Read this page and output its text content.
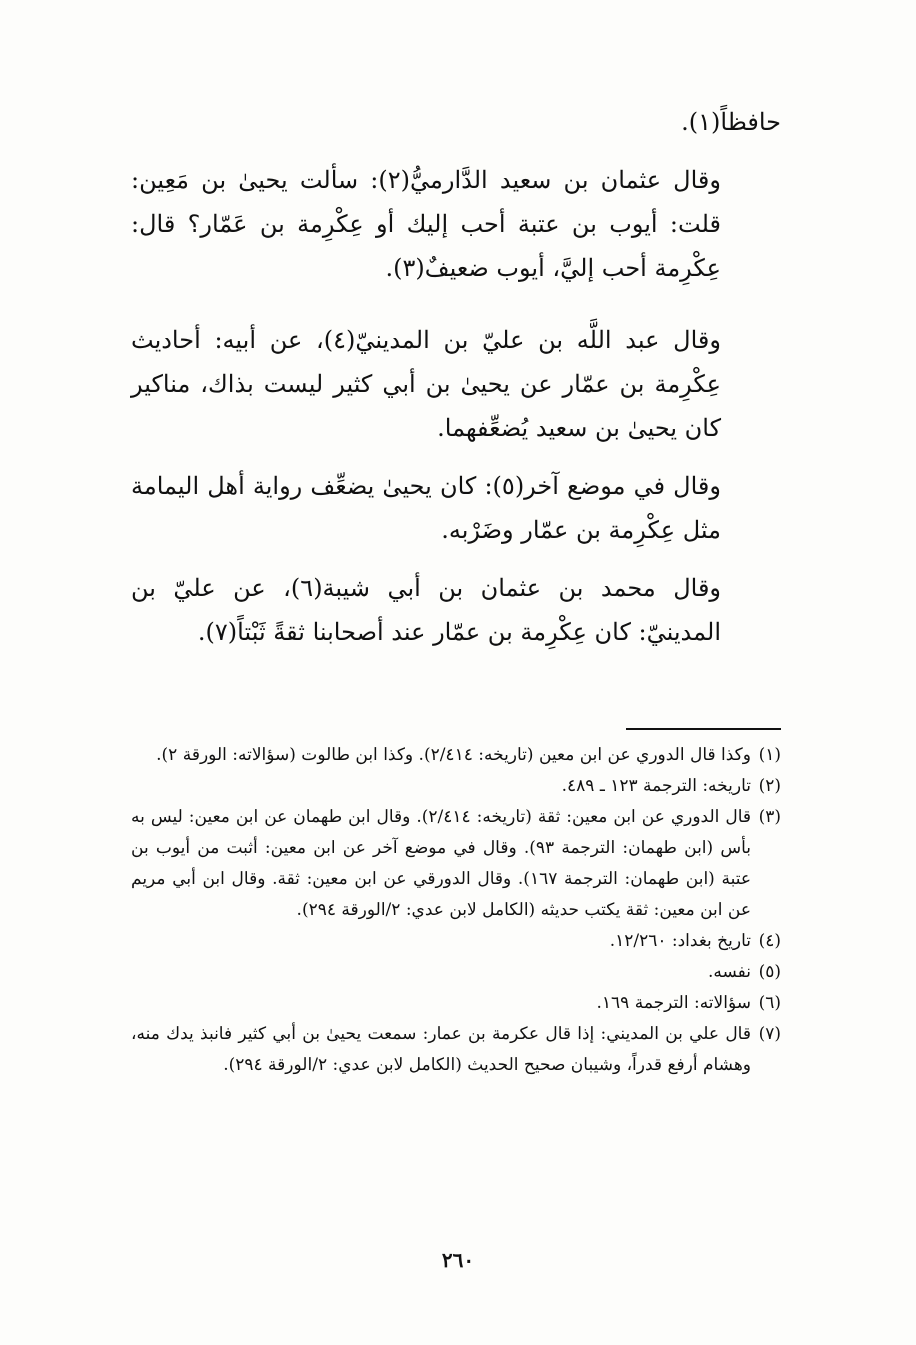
حافظاً(١).

وقال عثمان بن سعيد الدَّارميُّ(٢): سألت يحيىٰ بن مَعِين: قلت: أيوب بن عتبة أحب إليك أو عِكْرِمة بن عَمّار؟ قال: عِكْرِمة أحب إليَّ، أيوب ضعيفٌ(٣).

وقال عبد اللَّه بن عليّ بن المدينيّ(٤)، عن أبيه: أحاديث عِكْرِمة بن عمّار عن يحيىٰ بن أبي كثير ليست بذاك، مناكير كان يحيىٰ بن سعيد يُضعِّفهما.

وقال في موضع آخر(٥): كان يحيىٰ يضعِّف رواية أهل اليمامة مثل عِكْرِمة بن عمّار وضَرْبه.

وقال محمد بن عثمان بن أبي شيبة(٦)، عن عليّ بن المدينيّ: كان عِكْرِمة بن عمّار عند أصحابنا ثقةً ثَبْتاً(٧).

(١)
وكذا قال الدوري عن ابن معين (تاريخه: ٢/٤١٤). وكذا ابن طالوت (سؤالاته: الورقة ٢).
(٢)
تاريخه: الترجمة ١٢٣ ـ ٤٨٩.
(٣)
قال الدوري عن ابن معين: ثقة (تاريخه: ٢/٤١٤). وقال ابن طهمان عن ابن معين: ليس به بأس (ابن طهمان: الترجمة ٩٣). وقال في موضع آخر عن ابن معين: أثبت من أيوب بن عتبة (ابن طهمان: الترجمة ١٦٧). وقال الدورقي عن ابن معين: ثقة. وقال ابن أبي مريم عن ابن معين: ثقة يكتب حديثه (الكامل لابن عدي: ٢/الورقة ٢٩٤).
(٤)
تاريخ بغداد: ١٢/٢٦٠.
(٥)
نفسه.
(٦)
سؤالاته: الترجمة ١٦٩.
(٧)
قال علي بن المديني: إذا قال عكرمة بن عمار: سمعت يحيىٰ بن أبي كثير فانبذ يدك منه، وهشام أرفع قدراً، وشيبان صحيح الحديث (الكامل لابن عدي: ٢/الورقة ٢٩٤).
٢٦٠
